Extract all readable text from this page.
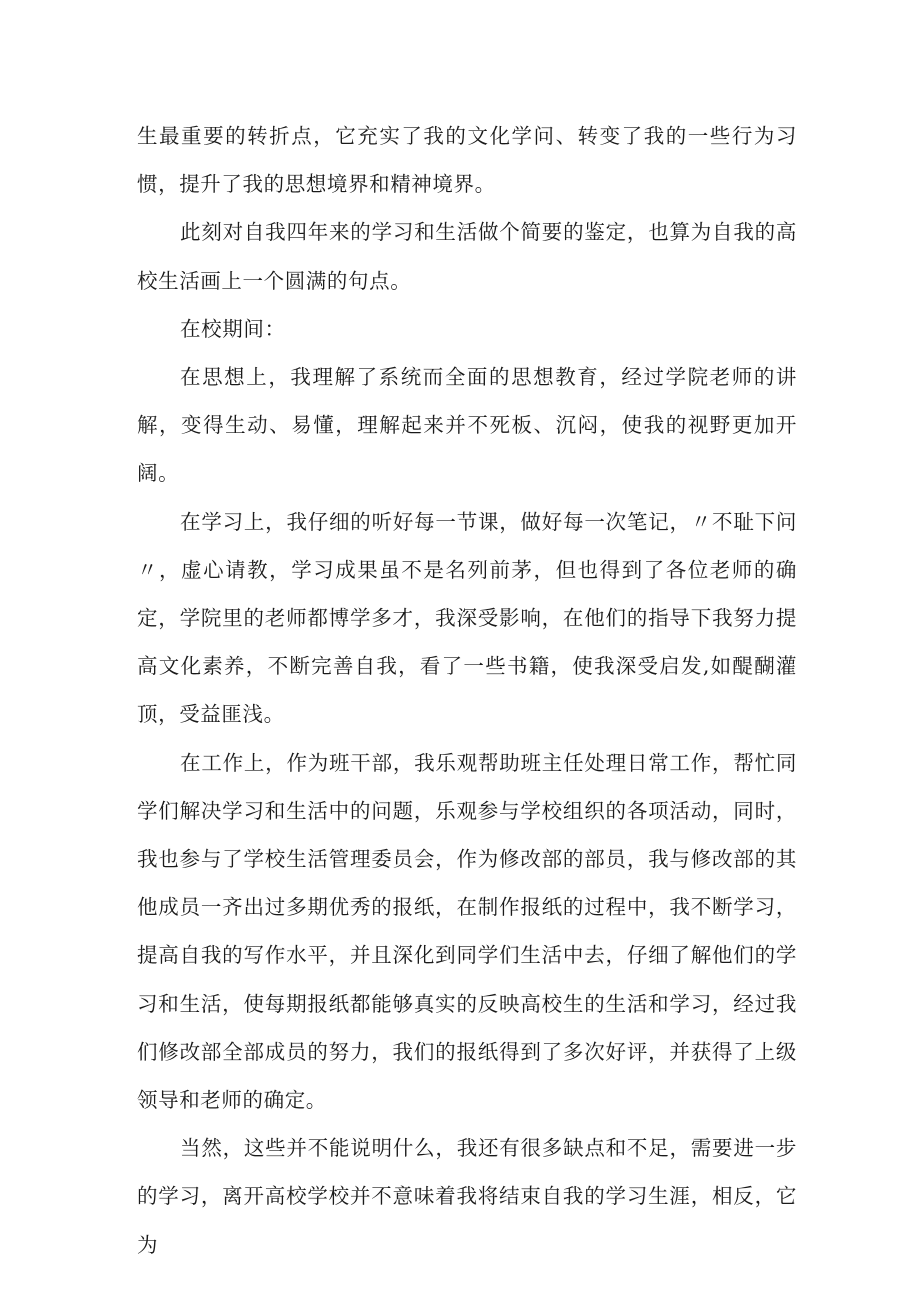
生最重要的转折点，它充实了我的文化学问、转变了我的一些行为习惯，提升了我的思想境界和精神境界。

此刻对自我四年来的学习和生活做个简要的鉴定，也算为自我的高校生活画上一个圆满的句点。

在校期间：

在思想上，我理解了系统而全面的思想教育，经过学院老师的讲解，变得生动、易懂，理解起来并不死板、沉闷，使我的视野更加开阔。

在学习上，我仔细的听好每一节课，做好每一次笔记，〃不耻下问〃，虚心请教，学习成果虽不是名列前茅，但也得到了各位老师的确定，学院里的老师都博学多才，我深受影响，在他们的指导下我努力提高文化素养，不断完善自我，看了一些书籍，使我深受启发,如醍醐灌顶，受益匪浅。

在工作上，作为班干部，我乐观帮助班主任处理日常工作，帮忙同学们解决学习和生活中的问题，乐观参与学校组织的各项活动，同时，我也参与了学校生活管理委员会，作为修改部的部员，我与修改部的其他成员一齐出过多期优秀的报纸，在制作报纸的过程中，我不断学习，提高自我的写作水平，并且深化到同学们生活中去，仔细了解他们的学习和生活，使每期报纸都能够真实的反映高校生的生活和学习，经过我们修改部全部成员的努力，我们的报纸得到了多次好评，并获得了上级领导和老师的确定。

当然，这些并不能说明什么，我还有很多缺点和不足，需要进一步的学习，离开高校学校并不意味着我将结束自我的学习生涯，相反，它为
